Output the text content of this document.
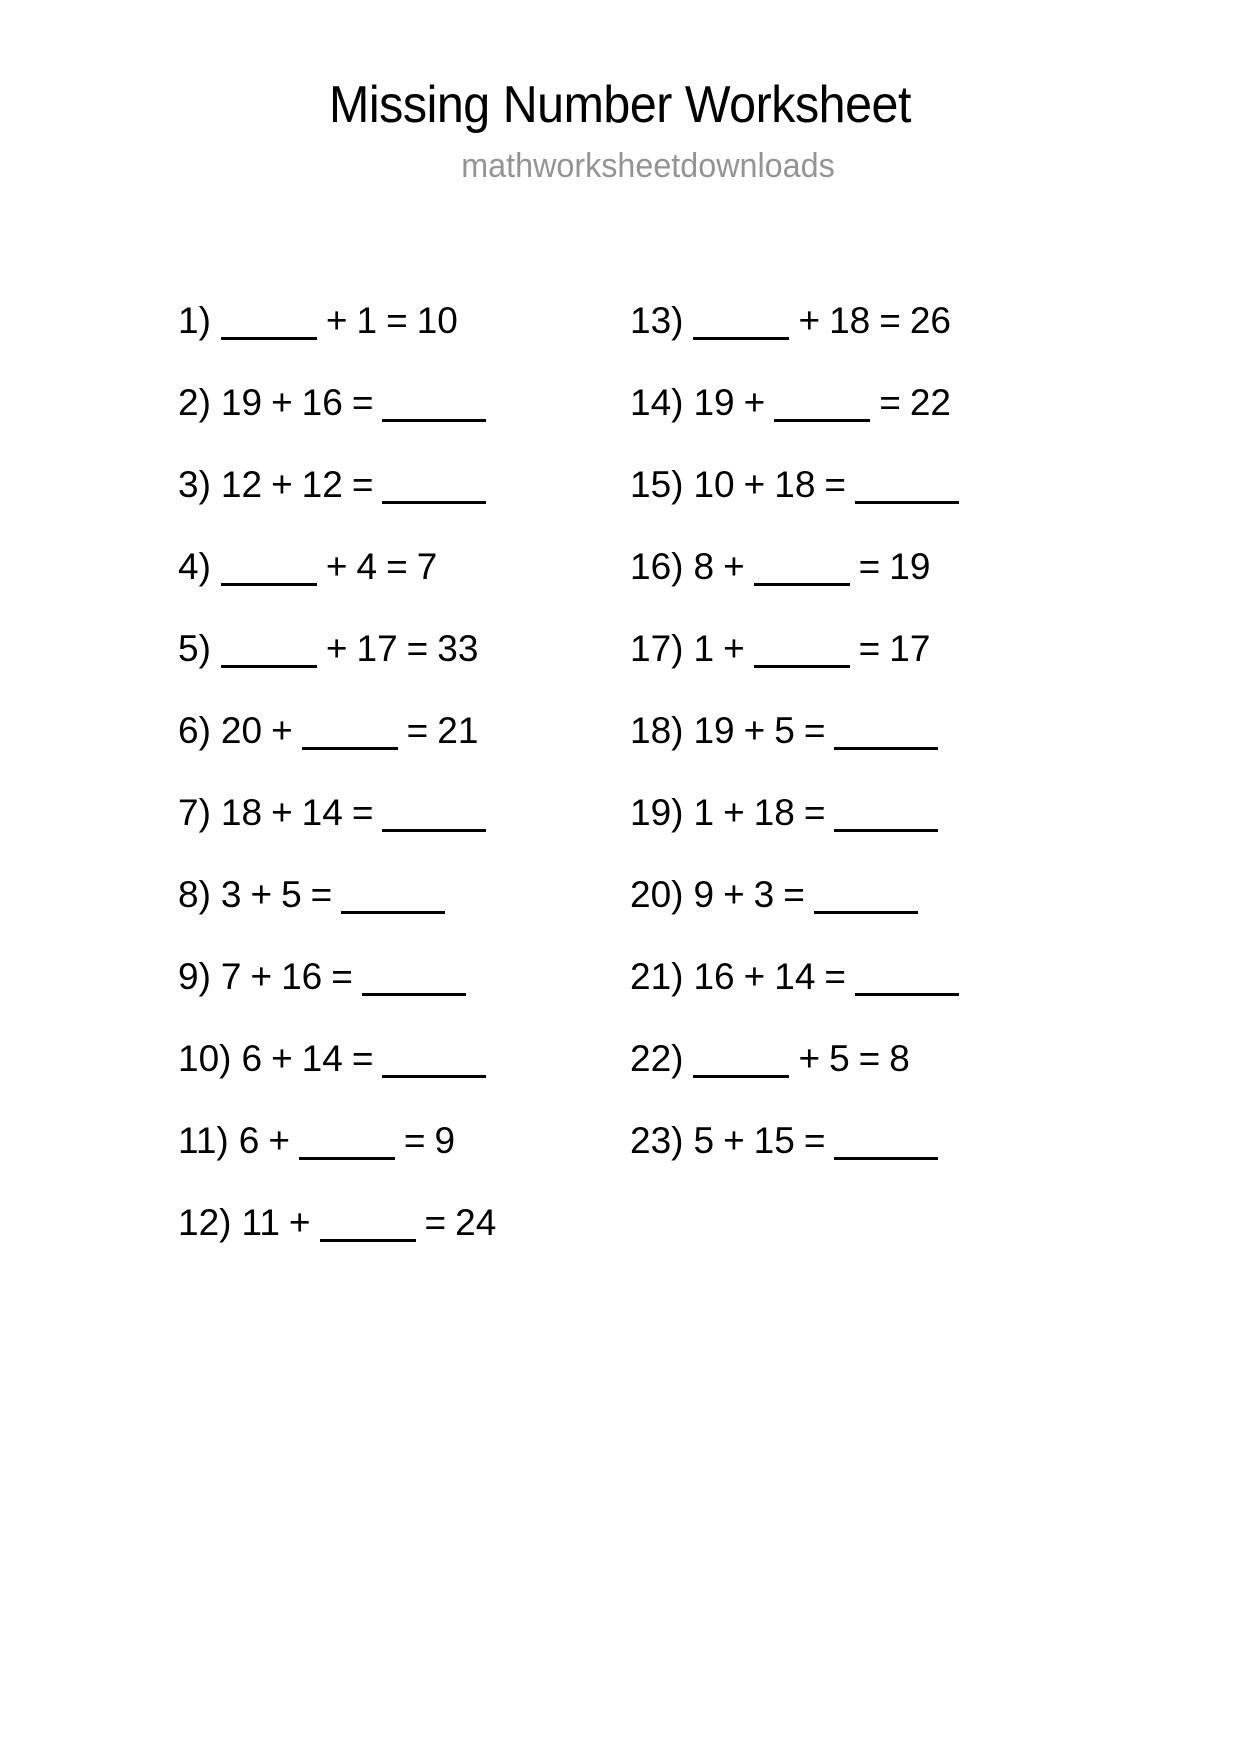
Missing Number Worksheet
mathworksheetdownloads
1)	+ 1 = 10
2) 19 + 16 =
3) 12 + 12 =
4)	+ 4 = 7
5)	+ 17 = 33
6) 20 +	= 21
7) 18 + 14 =
8) 3 + 5 =
9) 7 + 16 =
10) 6 + 14 =
11) 6 +	= 9
12) 11 +	= 24
13)	+ 18 = 26
14) 19 +	= 22
15) 10 + 18 =
16) 8 +	= 19
17) 1 +	= 17
18) 19 + 5 =
19) 1 + 18 =
20) 9 + 3 =
21) 16 + 14 =
22)	+ 5 = 8
23) 5 + 15 =
